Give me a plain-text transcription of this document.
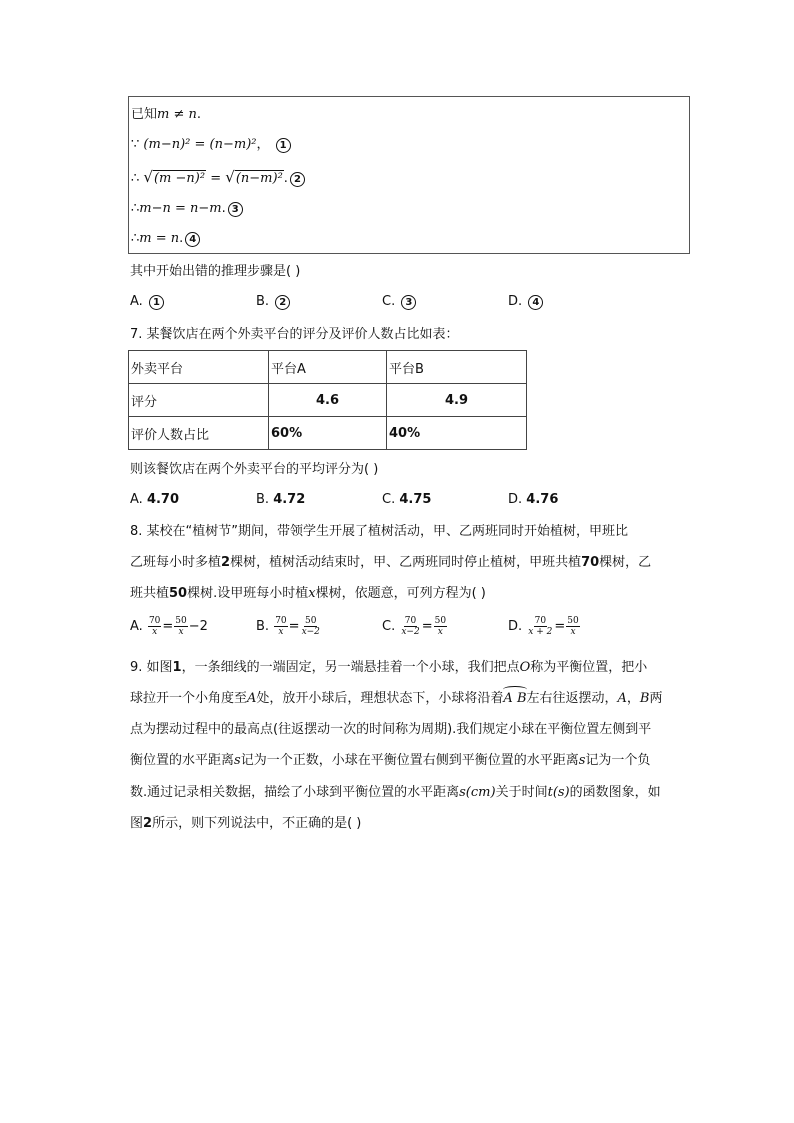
已知m ≠ n.
∵ (m−n)² = (n−m)²， 1
∴ √(m −n)² = √(n−m)². 2
∴m−n = n−m. 3
∴m = n. 4
其中开始出错的推理步骤是( )
A. 1	B. 2	C. 3	D. 4
7. 某餐饮店在两个外卖平台的评分及评价人数占比如表：
外卖平台	平台A	平台B
评分	4.6	4.9
评价人数占比	60%	40%
则该餐饮店在两个外卖平台的平均评分为( )
A. 4.70	B. 4.72	C. 4.75	D. 4.76
8. 某校在“植树节”期间，带领学生开展了植树活动，甲、乙两班同时开始植树，甲班比
乙班每小时多植2棵树，植树活动结束时，甲、乙两班同时停止植树，甲班共植70棵树，乙
班共植50棵树.设甲班每小时植x棵树，依题意，可列方程为( )
A. $\frac{70}{x} = \frac{50}{x} -2$	B. $\frac{70}{x} = \frac{50}{x-2}$	C. $\frac{70}{x-2} = \frac{50}{x}$	D. $\frac{70}{x + 2} = \frac{50}{x}$
9. 如图1，一条细线的一端固定，另一端悬挂着一个小球，我们把点O称为平衡位置，把小
球拉开一个小角度至A处，放开小球后，理想状态下，小球将沿着A B左右往返摆动，A，B两
点为摆动过程中的最高点(往返摆动一次的时间称为周期).我们规定小球在平衡位置左侧到平
衡位置的水平距离s记为一个正数，小球在平衡位置右侧到平衡位置的水平距离s记为一个负
数.通过记录相关数据，描绘了小球到平衡位置的水平距离s(cm)关于时间t(s)的函数图象，如
图2所示，则下列说法中，不正确的是( )
